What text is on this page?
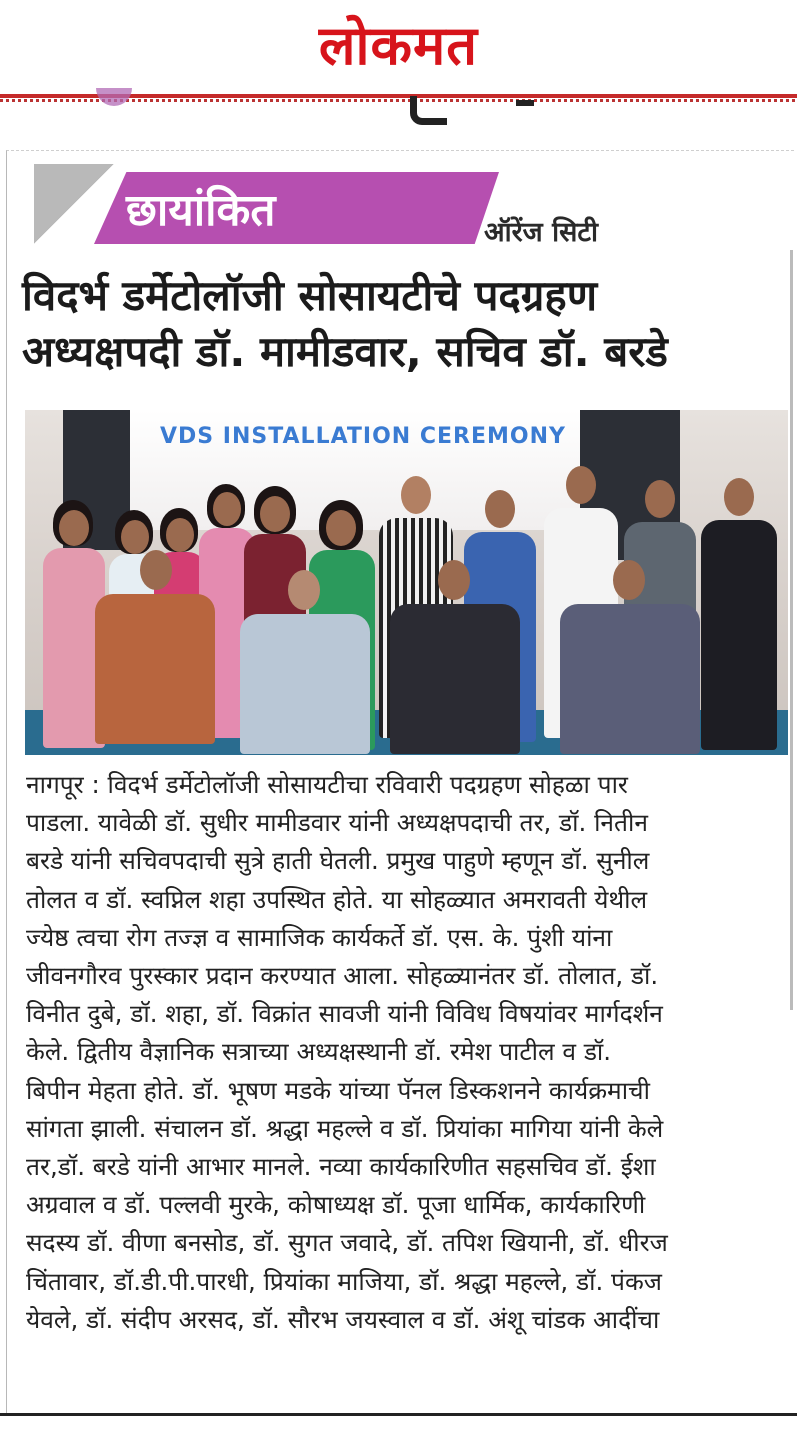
लोकमत
छायांकित	ऑरेंज सिटी
विदर्भ डर्मेटोलॉजी सोसायटीचे पदग्रहण
अध्यक्षपदी डॉ. मामीडवार, सचिव डॉ. बरडे
VDS INSTALLATION CEREMONY
नागपूर : विदर्भ डर्मेटोलॉजी सोसायटीचा रविवारी पदग्रहण सोहळा पार
पाडला. यावेळी डॉ. सुधीर मामीडवार यांनी अध्यक्षपदाची तर, डॉ. नितीन
बरडे यांनी सचिवपदाची सुत्रे हाती घेतली. प्रमुख पाहुणे म्हणून डॉ. सुनील
तोलत व डॉ. स्वप्निल शहा उपस्थित होते. या सोहळ्यात अमरावती येथील
ज्येष्ठ त्वचा रोग तज्ज्ञ व सामाजिक कार्यकर्ते डॉ. एस. के. पुंशी यांना
जीवनगौरव पुरस्कार प्रदान करण्यात आला. सोहळ्यानंतर डॉ. तोलात, डॉ.
विनीत दुबे, डॉ. शहा, डॉ. विक्रांत सावजी यांनी विविध विषयांवर मार्गदर्शन
केले. द्वितीय वैज्ञानिक सत्राच्या अध्यक्षस्थानी डॉ. रमेश पाटील व डॉ.
बिपीन मेहता होते. डॉ. भूषण मडके यांच्या पॅनल डिस्कशनने कार्यक्रमाची
सांगता झाली. संचालन डॉ. श्रद्धा महल्ले व डॉ. प्रियांका मागिया यांनी केले
तर,डॉ. बरडे यांनी आभार मानले. नव्या कार्यकारिणीत सहसचिव डॉ. ईशा
अग्रवाल व डॉ. पल्लवी मुरके, कोषाध्यक्ष डॉ. पूजा धार्मिक, कार्यकारिणी
सदस्य डॉ. वीणा बनसोड, डॉ. सुगत जवादे, डॉ. तपिश खियानी, डॉ. धीरज
चिंतावार, डॉ.डी.पी.पारधी, प्रियांका माजिया, डॉ. श्रद्धा महल्ले, डॉ. पंकज
येवले, डॉ. संदीप अरसद, डॉ. सौरभ जयस्वाल व डॉ. अंशू चांडक आदींचा
